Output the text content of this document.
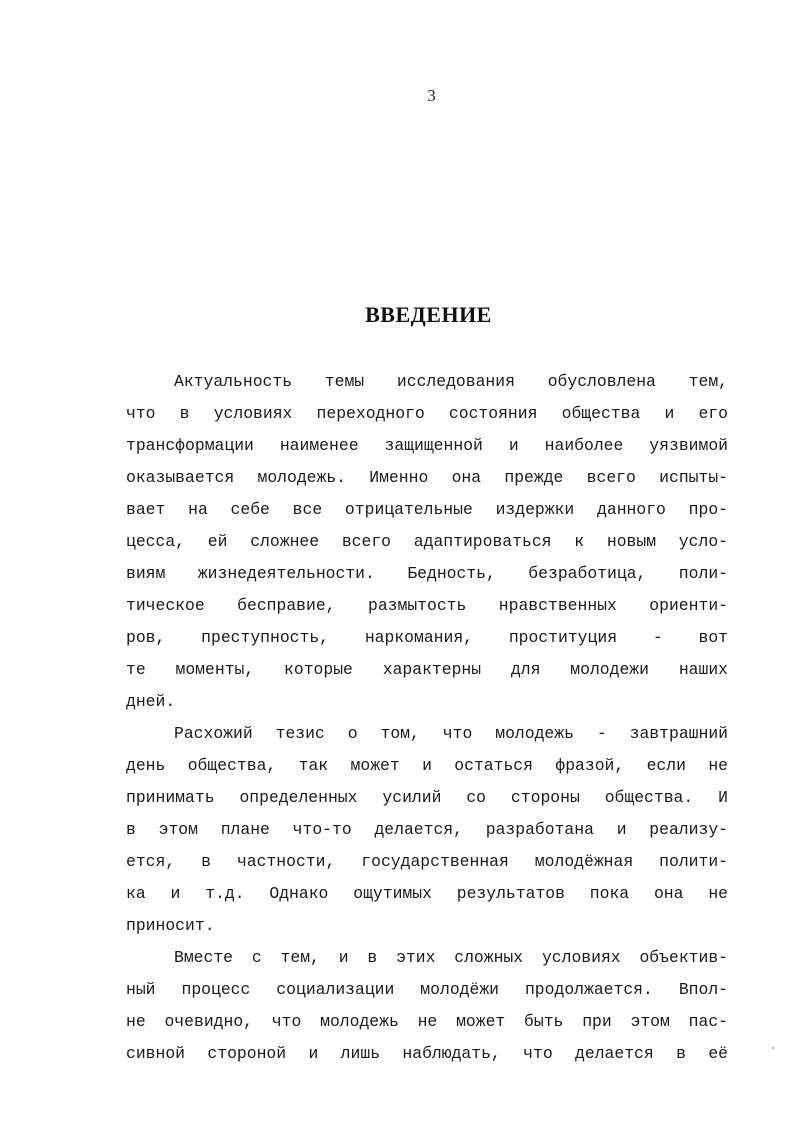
3
ВВЕДЕНИЕ
Актуальность темы исследования обусловлена тем,
что в условиях переходного состояния общества и его
трансформации наименее защищенной и наиболее уязвимой
оказывается молодежь. Именно она прежде всего испыты-
вает на себе все отрицательные издержки данного про-
цесса, ей сложнее всего адаптироваться к новым усло-
виям жизнедеятельности. Бедность, безработица, поли-
тическое бесправие, размытость нравственных ориенти-
ров, преступность, наркомания, проституция - вот
те моменты, которые характерны для молодежи наших
дней.
Расхожий тезис о том, что молодежь - завтрашний
день общества, так может и остаться фразой, если не
принимать определенных усилий со стороны общества. И
в этом плане что-то делается, разработана и реализу-
ется, в частности, государственная молодёжная полити-
ка и т.д. Однако ощутимых результатов пока она не
приносит.
Вместе с тем, и в этих сложных условиях объектив-
ный процесс социализации молодёжи продолжается. Впол-
не очевидно, что молодежь не может быть при этом пас-
сивной стороной и лишь наблюдать, что делается в её
